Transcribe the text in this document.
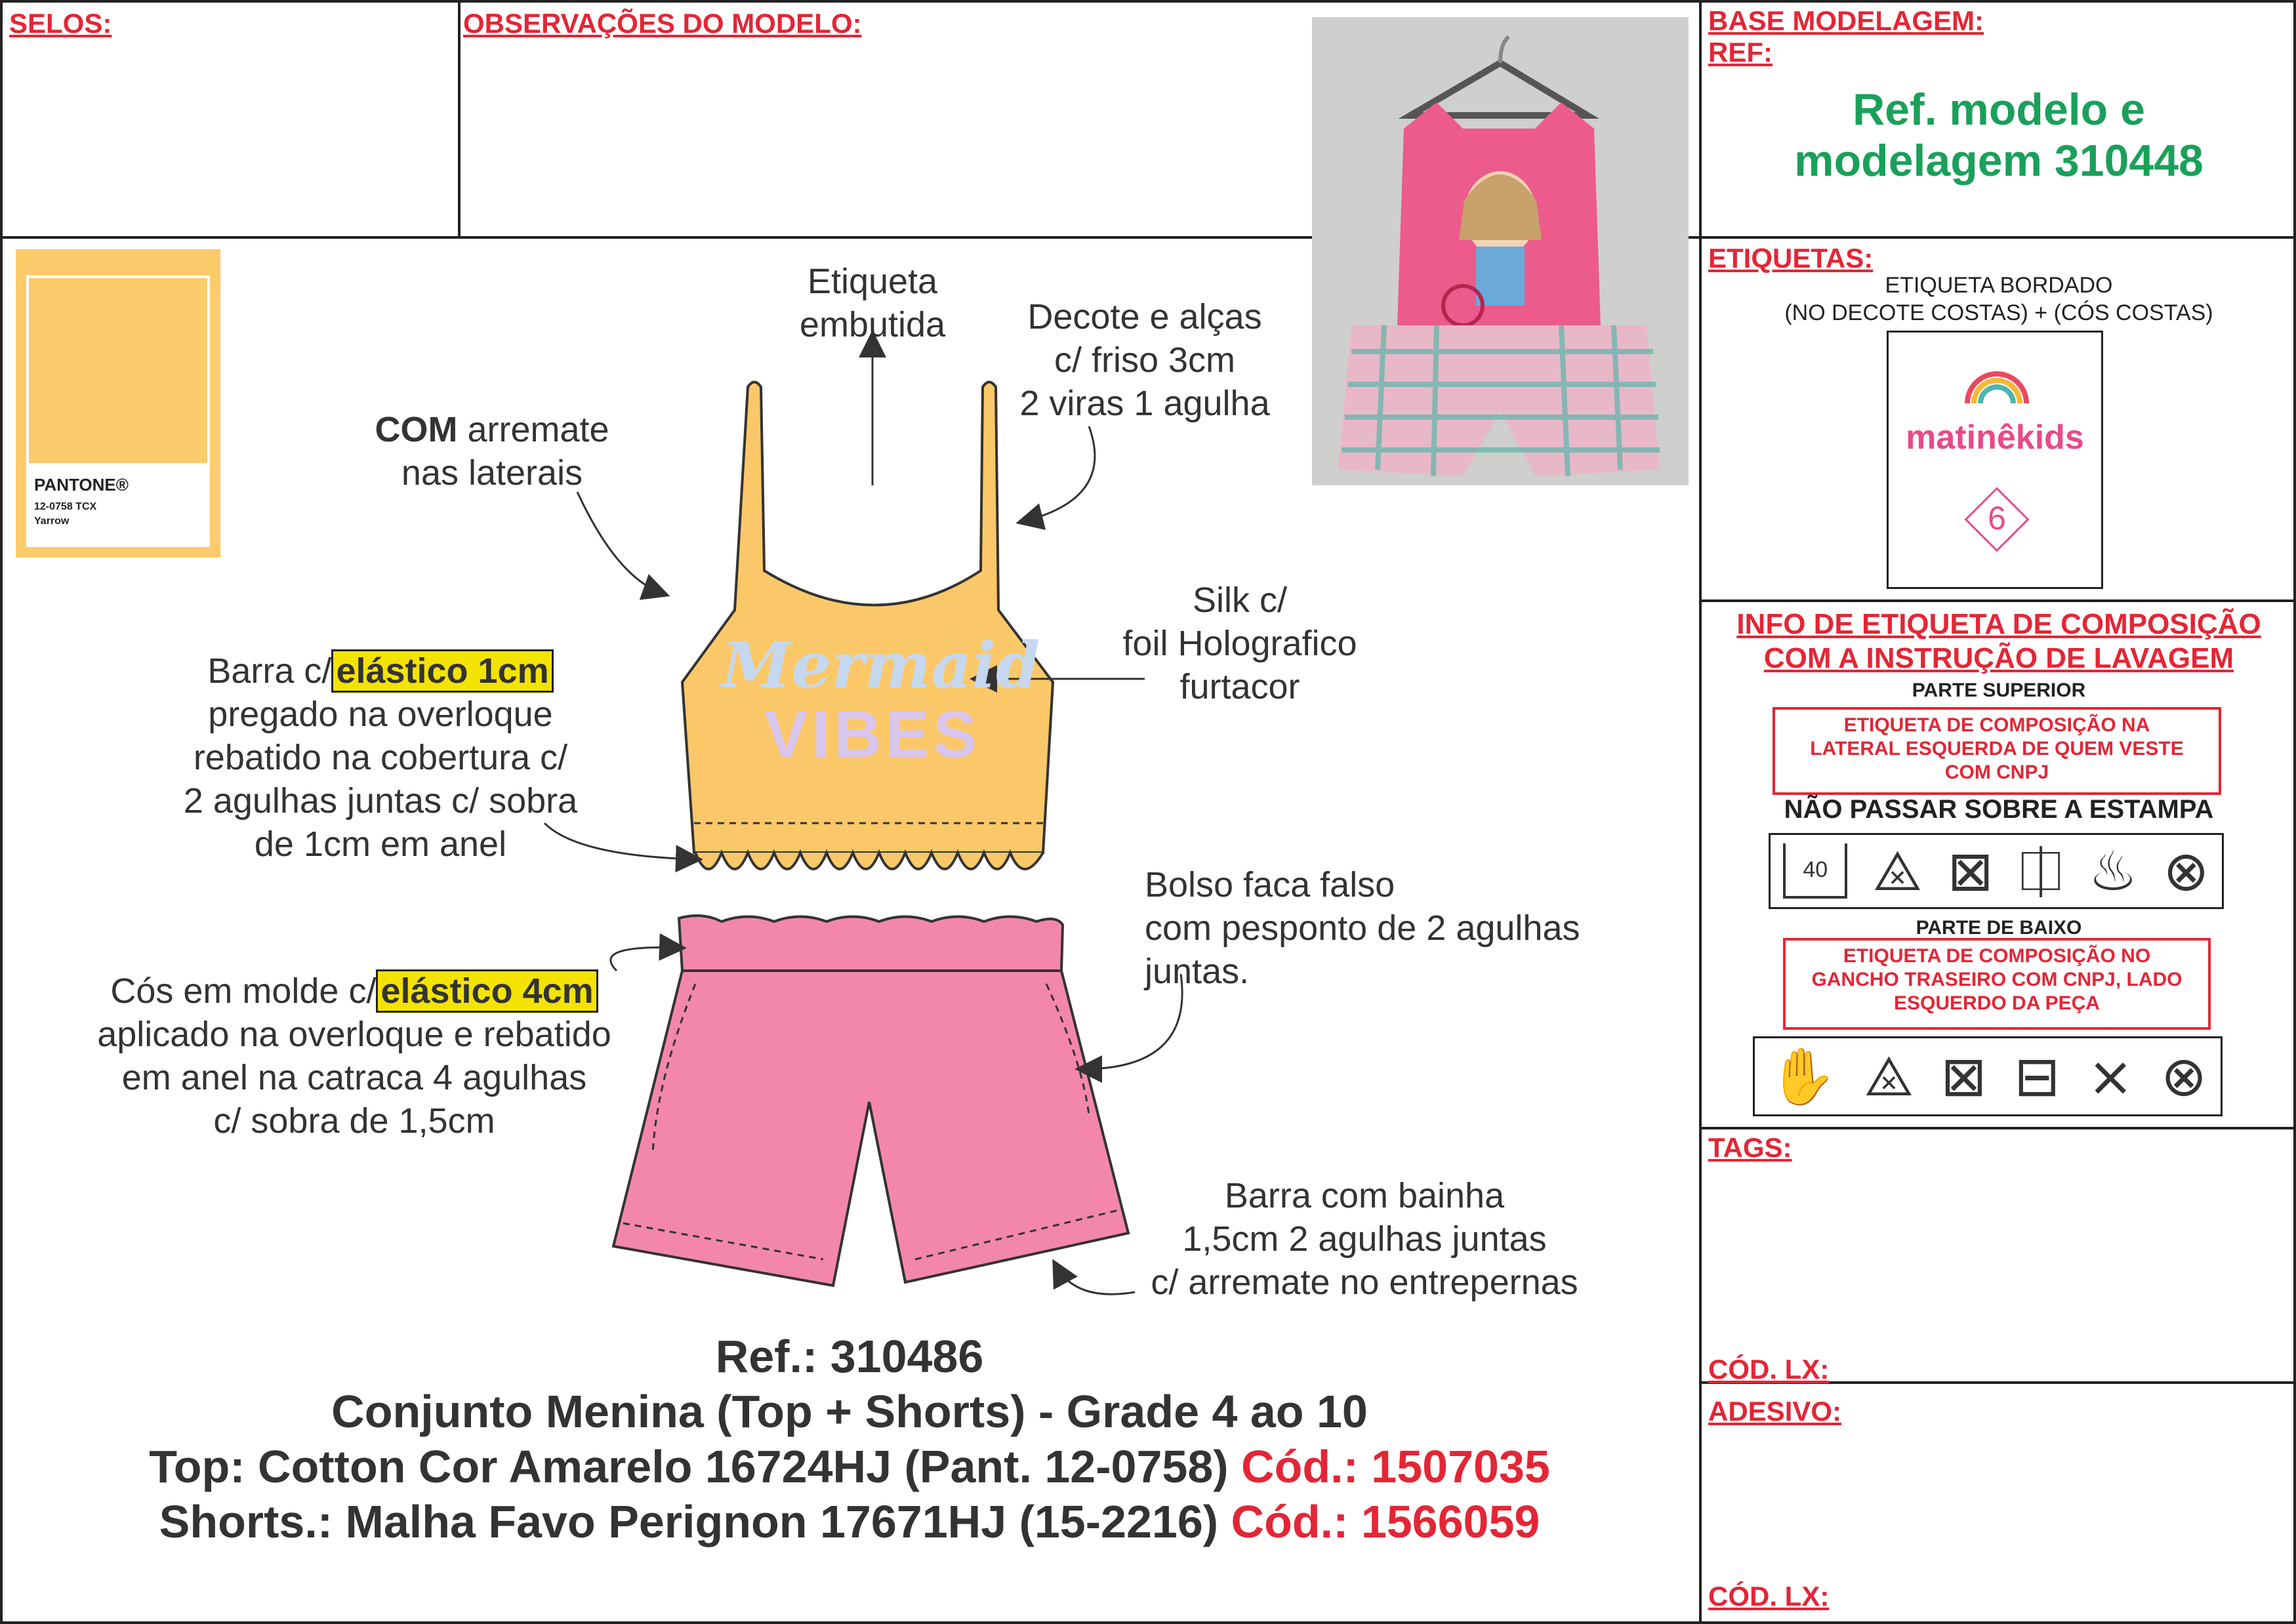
SELOS:	OBSERVAÇÕES DO MODELO:
PANTONE®
12-0758 TCX
Yarrow
Mermaid
VIBES
Etiqueta
embutida	Decote e alças
c/ friso 3cm
2 viras 1 agulha
COM arremate
nas laterais
Silk c/
foil Holografico
furtacor
Barra c/ elástico 1cm
pregado na overloque
rebatido na cobertura c/
2 agulhas juntas c/ sobra
de 1cm em anel
Bolso faca falso
com pesponto de 2 agulhas
juntas.
Cós em molde c/ elástico 4cm
aplicado na overloque e rebatido
em anel na catraca 4 agulhas
c/ sobra de 1,5cm
Barra com bainha
1,5cm 2 agulhas juntas
c/ arremate no entrepernas
Ref.: 310486
Conjunto Menina (Top + Shorts) - Grade 4 ao 10
Top: Cotton Cor Amarelo 16724HJ (Pant. 12-0758) Cód.: 1507035
Shorts.: Malha Favo Perignon 17671HJ (15-2216) Cód.: 1566059
BASE MODELAGEM:
REF:
Ref. modelo e
modelagem 310448
ETIQUETAS:
ETIQUETA BORDADO
(NO DECOTE COSTAS) + (CÓS COSTAS)
matinêkids
6
INFO DE ETIQUETA DE COMPOSIÇÃO
COM A INSTRUÇÃO DE LAVAGEM
PARTE SUPERIOR
ETIQUETA DE COMPOSIÇÃO NA
LATERAL ESQUERDA DE QUEM VESTE
COM CNPJ
NÃO PASSAR SOBRE A ESTAMPA
40 ⨻ ⊠ ⎅ ♨ ⊗
PARTE DE BAIXO
ETIQUETA DE COMPOSIÇÃO NO
GANCHO TRASEIRO COM CNPJ, LADO
ESQUERDO DA PEÇA
✋ ⨻ ⊠ ⊟ ⨯ ⊗
TAGS:
CÓD. LX:
ADESIVO:
CÓD. LX:
